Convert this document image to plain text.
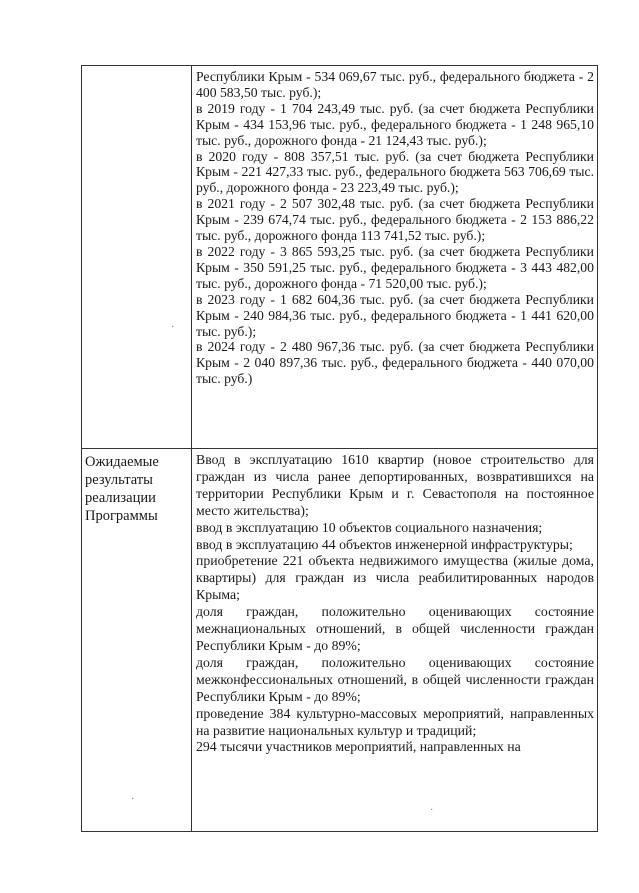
Республики Крым - 534 069,67 тыс. руб., федерального бюджета - 2 400 583,50 тыс. руб.);
в 2019 году - 1 704 243,49 тыс. руб. (за счет бюджета Республики Крым - 434 153,96 тыс. руб., федерального бюджета - 1 248 965,10 тыс. руб., дорожного фонда - 21 124,43 тыс. руб.);
в 2020 году - 808 357,51 тыс. руб. (за счет бюджета Республики Крым - 221 427,33 тыс. руб., федерального бюджета 563 706,69 тыс. руб., дорожного фонда - 23 223,49 тыс. руб.);
в 2021 году - 2 507 302,48 тыс. руб. (за счет бюджета Республики Крым - 239 674,74 тыс. руб., федерального бюджета - 2 153 886,22 тыс. руб., дорожного фонда 113 741,52 тыс. руб.);
в 2022 году - 3 865 593,25 тыс. руб. (за счет бюджета Республики Крым - 350 591,25 тыс. руб., федерального бюджета - 3 443 482,00 тыс. руб., дорожного фонда - 71 520,00 тыс. руб.);
в 2023 году - 1 682 604,36 тыс. руб. (за счет бюджета Республики Крым - 240 984,36 тыс. руб., федерального бюджета - 1 441 620,00 тыс. руб.);
в 2024 году - 2 480 967,36 тыс. руб. (за счет бюджета Республики Крым - 2 040 897,36 тыс. руб., федерального бюджета - 440 070,00 тыс. руб.)
Ожидаемые результаты реализации Программы
Ввод в эксплуатацию 1610 квартир (новое строительство для граждан из числа ранее депортированных, возвратившихся на территории Республики Крым и г. Севастополя на постоянное место жительства);
ввод в эксплуатацию 10 объектов социального назначения;
ввод в эксплуатацию 44 объектов инженерной инфраструктуры;
приобретение 221 объекта недвижимого имущества (жилые дома, квартиры) для граждан из числа реабилитированных народов Крыма;
доля граждан, положительно оценивающих состояние межнациональных отношений, в общей численности граждан Республики Крым - до 89%;
доля граждан, положительно оценивающих состояние межконфессиональных отношений, в общей численности граждан Республики Крым - до 89%;
проведение 384 культурно-массовых мероприятий, направленных на развитие национальных культур и традиций;
294 тысячи участников мероприятий, направленных на
·
·
·
